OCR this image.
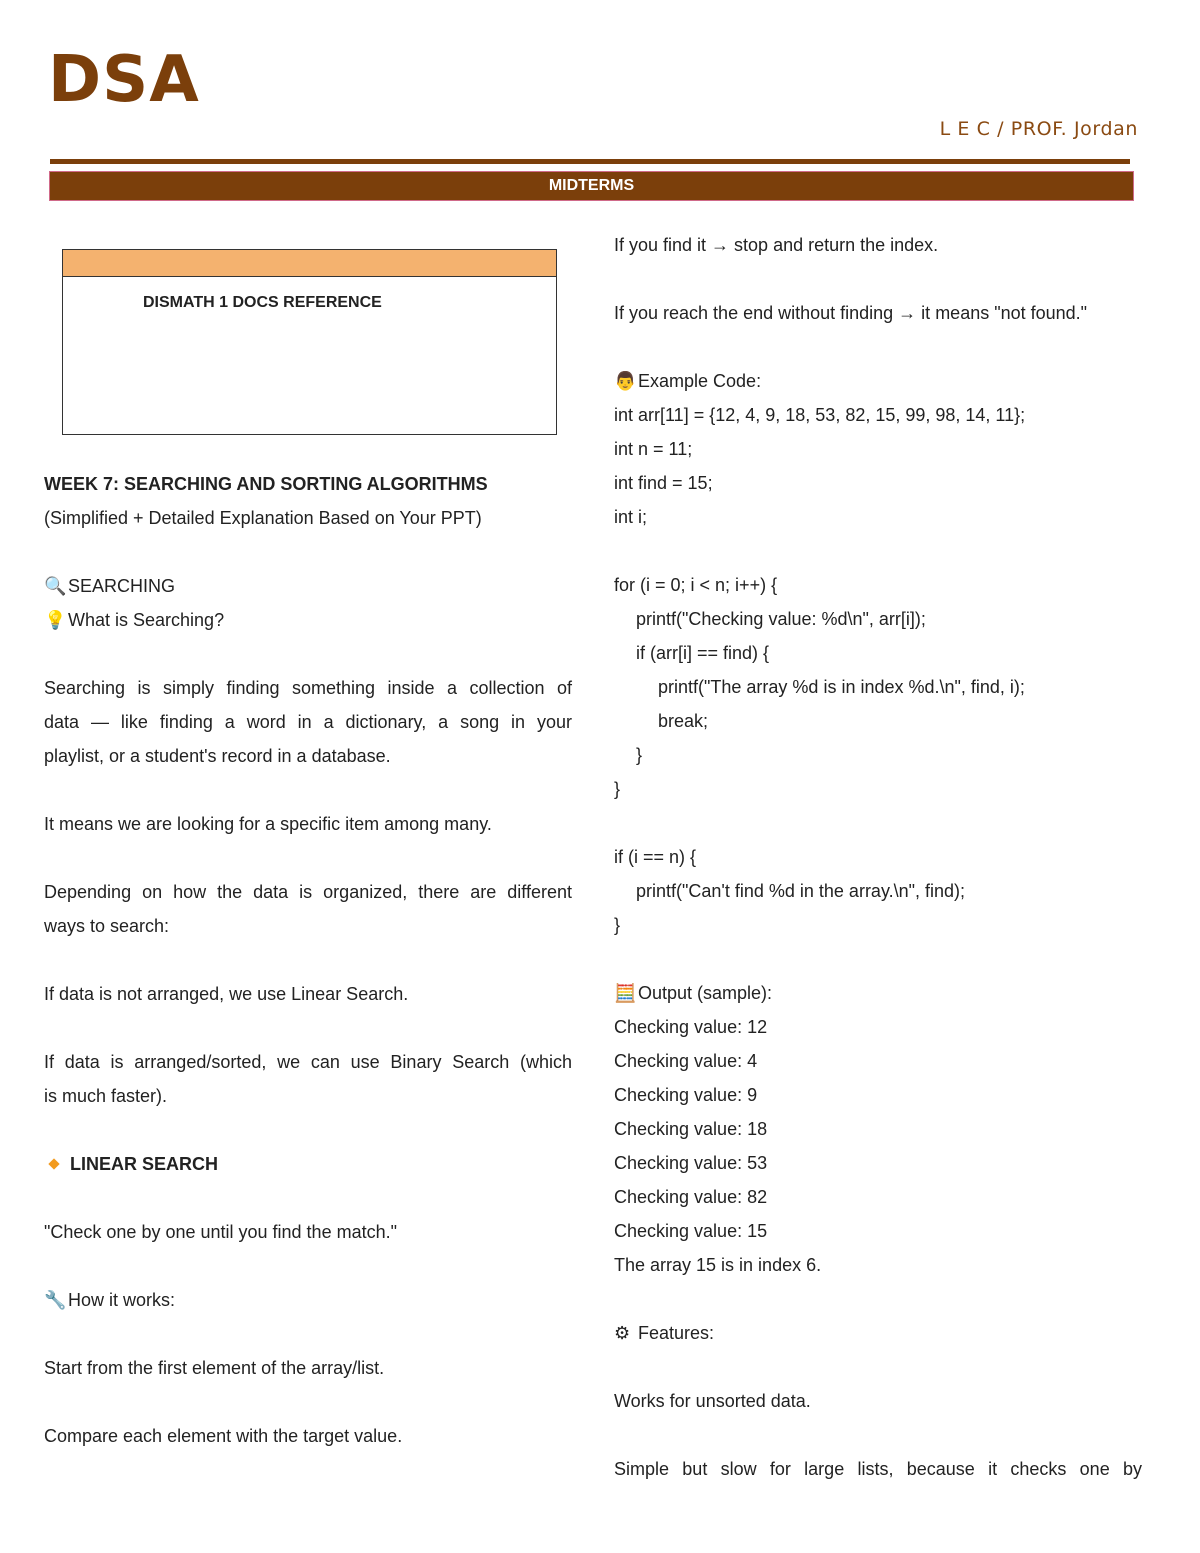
DSA
L E C / PROF. Jordan
MIDTERMS
DISMATH 1 DOCS REFERENCE
WEEK 7: SEARCHING AND SORTING ALGORITHMS
(Simplified + Detailed Explanation Based on Your PPT)
🔍SEARCHING
💡What is Searching?
Searching is simply finding something inside a collection of
data — like finding a word in a dictionary, a song in your
playlist, or a student's record in a database.
It means we are looking for a specific item among many.
Depending on how the data is organized, there are different
ways to search:
If data is not arranged, we use Linear Search.
If data is arranged/sorted, we can use Binary Search (which
is much faster).
LINEAR SEARCH
"Check one by one until you find the match."
🔧How it works:
Start from the first element of the array/list.
Compare each element with the target value.
If you find it → stop and return the index.
If you reach the end without finding → it means "not found."
👨Example Code:
int arr[11] = {12, 4, 9, 18, 53, 82, 15, 99, 98, 14, 11};
int n = 11;
int find = 15;
int i;
for (i = 0; i < n; i++) {
printf("Checking value: %d\n", arr[i]);
if (arr[i] == find) {
printf("The array %d is in index %d.\n", find, i);
break;
}
}
if (i == n) {
printf("Can't find %d in the array.\n", find);
}
🧮Output (sample):
Checking value: 12
Checking value: 4
Checking value: 9
Checking value: 18
Checking value: 53
Checking value: 82
Checking value: 15
The array 15 is in index 6.
⚙ Features:
Works for unsorted data.
Simple but slow for large lists, because it checks one by
